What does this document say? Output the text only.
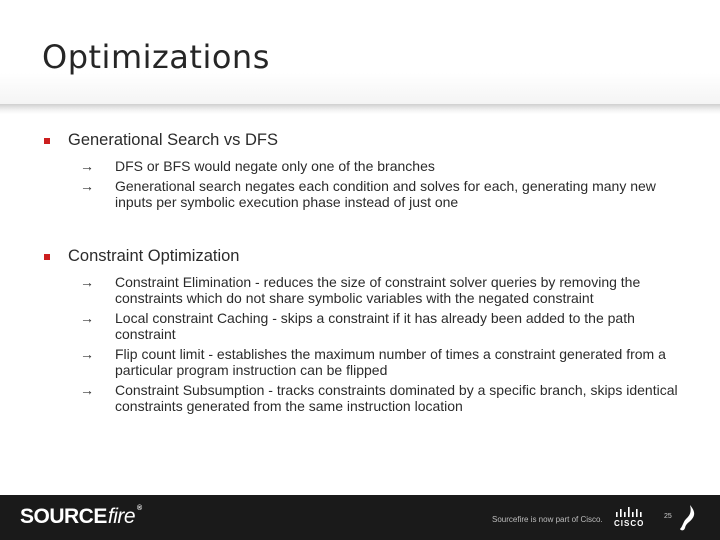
Optimizations
Generational Search vs DFS
→	DFS or BFS would negate only one of the branches
→	Generational search negates each condition and solves for each, generating many new inputs per symbolic execution phase instead of just one
Constraint Optimization
→	Constraint Elimination - reduces the size of constraint solver queries by removing the constraints which do not share symbolic variables with the negated constraint
→	Local constraint Caching - skips a constraint if it has already been added to the path constraint
→	Flip count limit - establishes the maximum number of times a constraint generated from a particular program instruction can be flipped
→	Constraint Subsumption - tracks constraints dominated by a specific branch, skips identical constraints generated from the same instruction location
SOURCE fire ®
Sourcefire is now part of Cisco. CISCO
25
